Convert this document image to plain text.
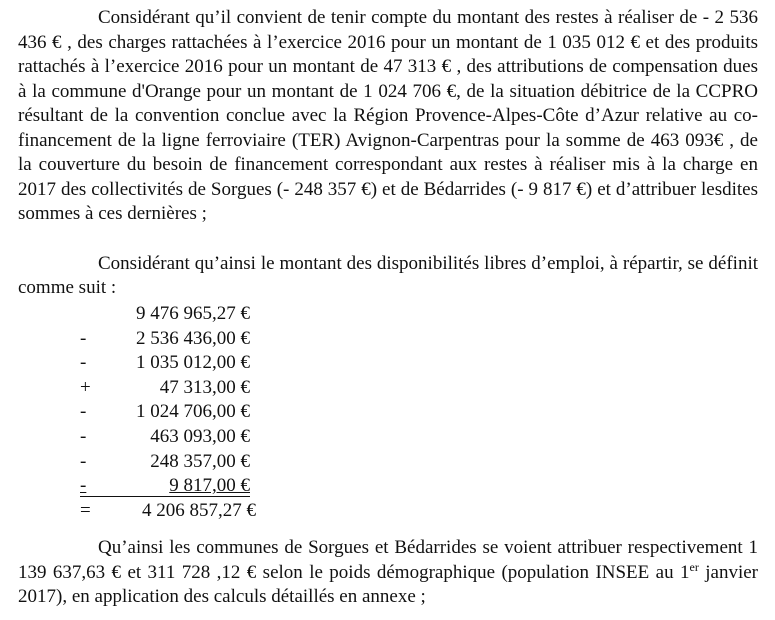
Considérant qu’il convient de tenir compte du montant des restes à réaliser de - 2 536 436 € , des charges rattachées à l’exercice 2016 pour un montant de 1 035 012 € et des produits rattachés à l’exercice 2016 pour un montant de 47 313 € , des attributions de compensation dues à la commune d'Orange pour un montant de 1 024 706 €, de la situation débitrice de la CCPRO résultant de la convention conclue avec la Région Provence-Alpes-Côte d’Azur relative au co-financement de la ligne ferroviaire (TER) Avignon-Carpentras pour la somme de 463 093€ , de la couverture du besoin de financement correspondant aux restes à réaliser mis à la charge en 2017 des collectivités de Sorgues (- 248 357 €) et de Bédarrides (- 9 817 €) et d’attribuer lesdites sommes à ces dernières ;

Considérant qu’ainsi le montant des disponibilités libres d’emploi, à répartir, se définit comme suit :

9 476 965,27 €
-	2 536 436,00 €
-	1 035 012,00 €
+	47 313,00 €
-	1 024 706,00 €
-	463 093,00 €
-	248 357,00 €
-	9 817,00 €
=	4 206 857,27 €

Qu’ainsi les communes de Sorgues et Bédarrides se voient attribuer respectivement 1 139 637,63 € et 311 728 ,12 € selon le poids démographique (population INSEE au 1er janvier 2017), en application des calculs détaillés en annexe ;
